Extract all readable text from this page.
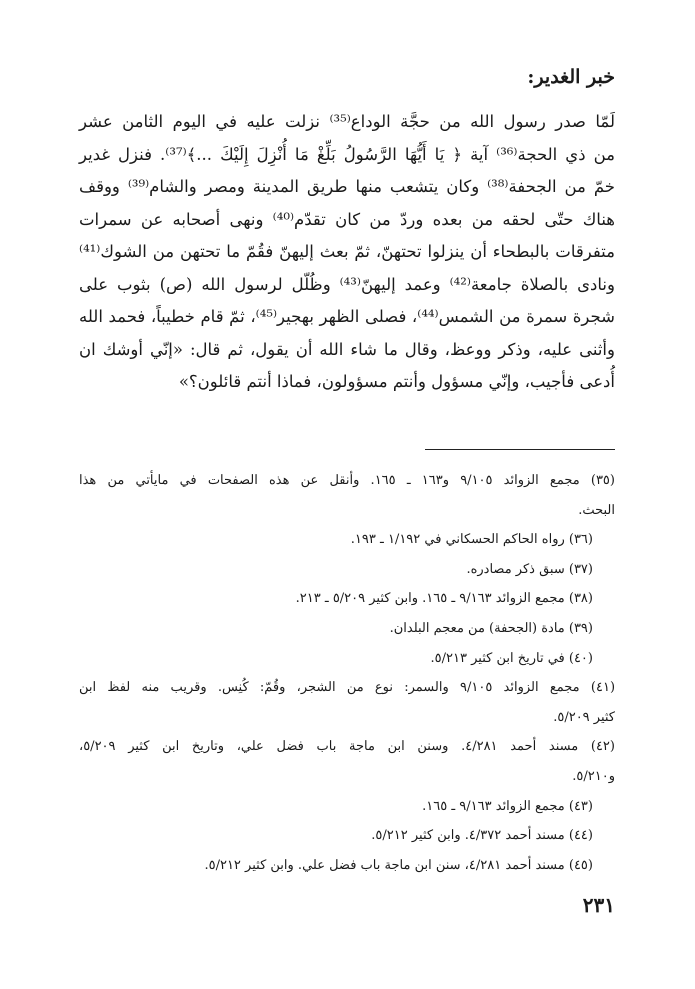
خبر الغدير:
لَمّا صدر رسول الله من حجَّة الوداع⁽³⁵⁾ نزلت عليه في اليوم الثامن عشر
من ذي الحجة⁽³⁶⁾ آية ﴿ يَا أَيُّهَا الرَّسُولُ بَلِّغْ مَا أُنْزِلَ إِلَيْكَ ...﴾⁽³⁷⁾. فنزل غدير
خمّ من الجحفة⁽³⁸⁾ وكان يتشعب منها طريق المدينة ومصر والشام⁽³⁹⁾ ووقف
هناك حتّى لحقه من بعده وردّ من كان تقدّم⁽⁴⁰⁾ ونهى أصحابه عن سمرات
متفرقات بالبطحاء أن ينزلوا تحتهنّ، ثمّ بعث إليهنّ فقُمّ ما تحتهن من الشوك⁽⁴¹⁾
ونادى بالصلاة جامعة⁽⁴²⁾ وعمد إليهنّ⁽⁴³⁾ وظُلّل لرسول الله (ص) بثوب على
شجرة سمرة من الشمس⁽⁴⁴⁾، فصلى الظهر بهجير⁽⁴⁵⁾، ثمّ قام خطيباً، فحمد الله
وأثنى عليه، وذكر ووعظ، وقال ما شاء الله أن يقول، ثم قال: «إنّي أوشك ان
أُدعى فأجيب، وإنّي مسؤول وأنتم مسؤولون، فماذا أنتم قائلون؟»
(٣٥) مجمع الزوائد ٩/١٠٥ و١٦٣ ـ ١٦٥. وأنقل عن هذه الصفحات في مايأتي من هذا
البحث.
(٣٦) رواه الحاكم الحسكاني في ١/١٩٢ ـ ١٩٣.
(٣٧) سبق ذكر مصادره.
(٣٨) مجمع الزوائد ٩/١٦٣ ـ ١٦٥. وابن كثير ٥/٢٠٩ ـ ٢١٣.
(٣٩) مادة (الجحفة) من معجم البلدان.
(٤٠) في تاريخ ابن كثير ٥/٢١٣.
(٤١) مجمع الزوائد ٩/١٠٥ والسمر: نوع من الشجر، وقُمّ: كُنِس. وقريب منه لفظ ابن
كثير ٥/٢٠٩.
(٤٢) مسند أحمد ٤/٢٨١. وسنن ابن ماجة باب فضل علي، وتاريخ ابن كثير ٥/٢٠٩،
و٥/٢١٠.
(٤٣) مجمع الزوائد ٩/١٦٣ ـ ١٦٥.
(٤٤) مسند أحمد ٤/٣٧٢. وابن كثير ٥/٢١٢.
(٤٥) مسند أحمد ٤/٢٨١، سنن ابن ماجة باب فضل علي. وابن كثير ٥/٢١٢.
٢٣١
